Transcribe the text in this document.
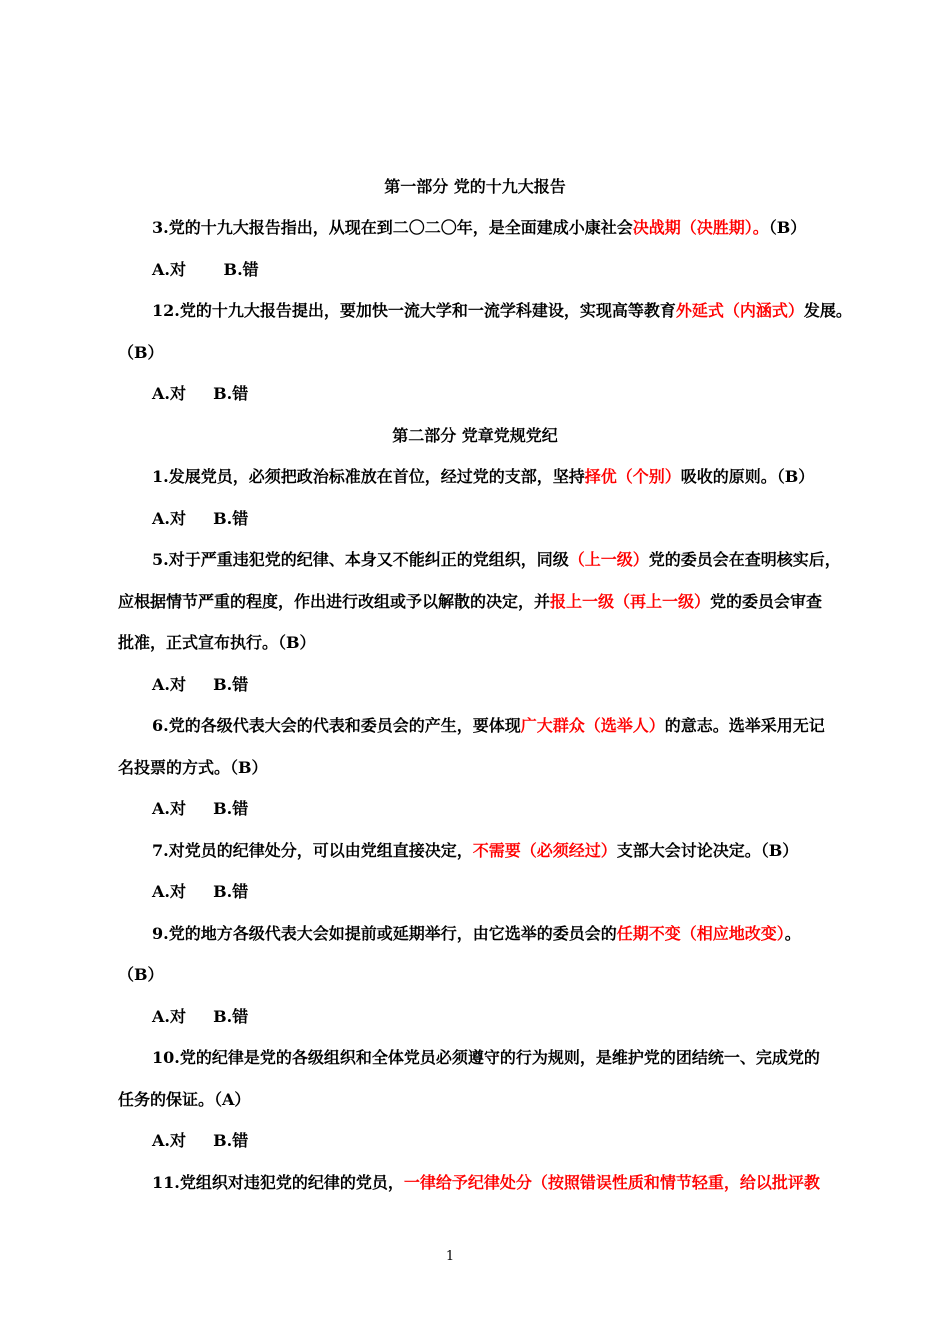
第一部分 党的十九大报告
3.党的十九大报告指出，从现在到二〇二〇年，是全面建成小康社会决战期（决胜期）。（B）
A.对 　　B.错
12.党的十九大报告提出，要加快一流大学和一流学科建设，实现高等教育外延式（内涵式）发展。
（B）
A.对 　 B.错
第二部分 党章党规党纪
1.发展党员，必须把政治标准放在首位，经过党的支部，坚持择优（个别）吸收的原则。（B）
A.对 　 B.错
5.对于严重违犯党的纪律、本身又不能纠正的党组织，同级（上一级）党的委员会在查明核实后，
应根据情节严重的程度，作出进行改组或予以解散的决定，并报上一级（再上一级）党的委员会审查
批准，正式宣布执行。（B）
A.对 　 B.错
6.党的各级代表大会的代表和委员会的产生，要体现广大群众（选举人）的意志。选举采用无记
名投票的方式。（B）
A.对 　 B.错
7.对党员的纪律处分，可以由党组直接决定，不需要（必须经过）支部大会讨论决定。（B）
A.对 　 B.错
9.党的地方各级代表大会如提前或延期举行，由它选举的委员会的任期不变（相应地改变）。
（B）
A.对 　 B.错
10.党的纪律是党的各级组织和全体党员必须遵守的行为规则，是维护党的团结统一、完成党的
任务的保证。（A）
A.对 　 B.错
11.党组织对违犯党的纪律的党员，一律给予纪律处分（按照错误性质和情节轻重，给以批评教
1
